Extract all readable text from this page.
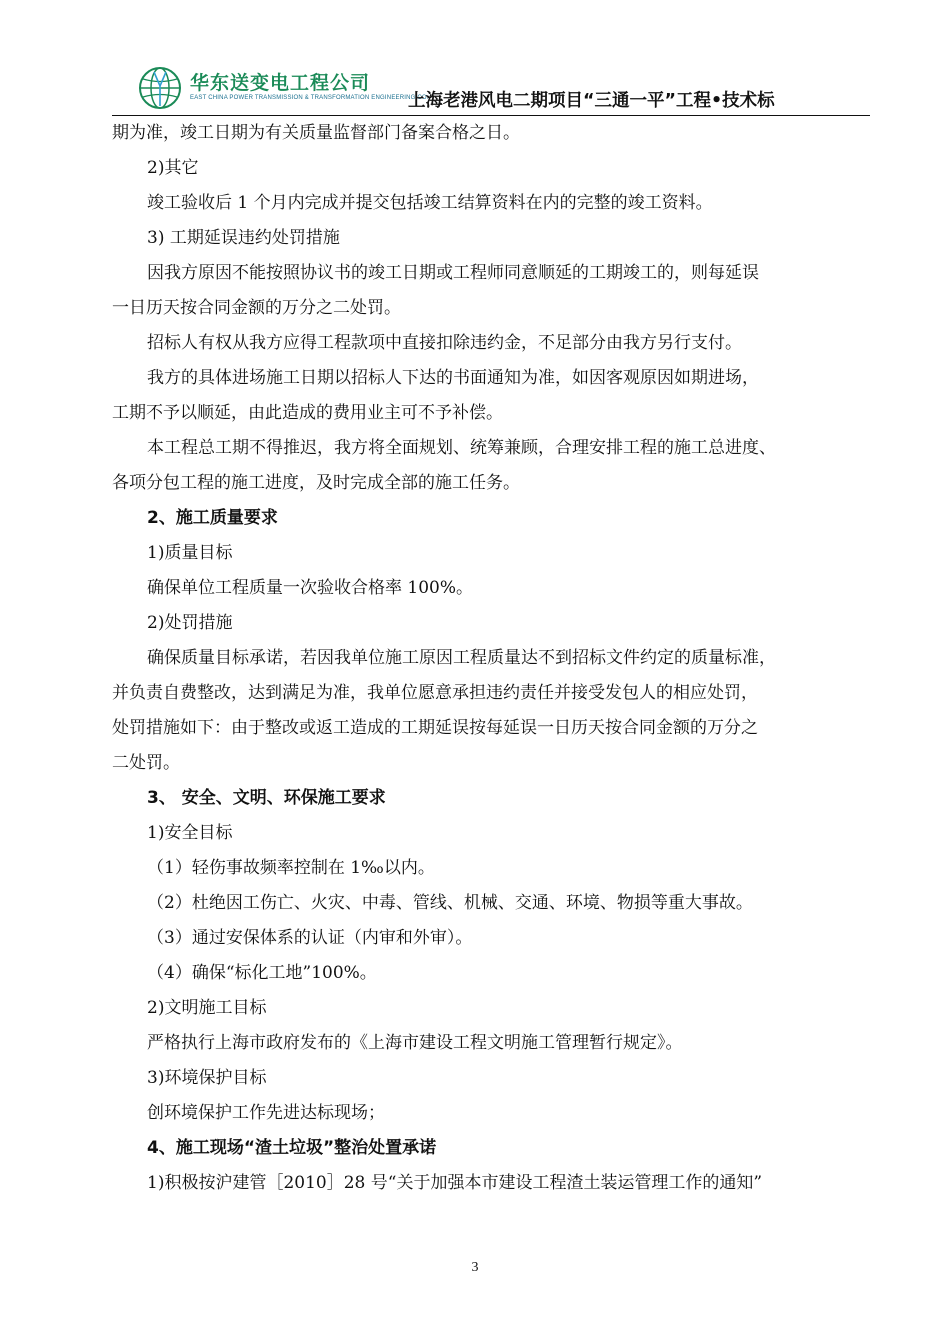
华东送变电工程公司
EAST CHINA POWER TRANSMISSION & TRANSFORMATION ENGINEERING CO.
上海老港风电二期项目“三通一平”工程•技术标

期为准，竣工日期为有关质量监督部门备案合格之日。

2)其它

竣工验收后 1 个月内完成并提交包括竣工结算资料在内的完整的竣工资料。

3) 工期延误违约处罚措施

因我方原因不能按照协议书的竣工日期或工程师同意顺延的工期竣工的，则每延误

一日历天按合同金额的万分之二处罚。

招标人有权从我方应得工程款项中直接扣除违约金，不足部分由我方另行支付。

我方的具体进场施工日期以招标人下达的书面通知为准，如因客观原因如期进场，

工期不予以顺延，由此造成的费用业主可不予补偿。

本工程总工期不得推迟，我方将全面规划、统筹兼顾，合理安排工程的施工总进度、

各项分包工程的施工进度，及时完成全部的施工任务。

2、施工质量要求

1)质量目标

确保单位工程质量一次验收合格率 100%。

2)处罚措施

确保质量目标承诺，若因我单位施工原因工程质量达不到招标文件约定的质量标准，

并负责自费整改，达到满足为准，我单位愿意承担违约责任并接受发包人的相应处罚，

处罚措施如下：由于整改或返工造成的工期延误按每延误一日历天按合同金额的万分之

二处罚。

3、 安全、文明、环保施工要求

1)安全目标

（1）轻伤事故频率控制在 1‰以内。

（2）杜绝因工伤亡、火灾、中毒、管线、机械、交通、环境、物损等重大事故。

（3）通过安保体系的认证（内审和外审）。

（4）确保“标化工地”100%。

2)文明施工目标

严格执行上海市政府发布的《上海市建设工程文明施工管理暂行规定》。

3)环境保护目标

创环境保护工作先进达标现场；

4、施工现场“渣土垃圾”整治处置承诺

1)积极按沪建管［2010］28 号“关于加强本市建设工程渣土装运管理工作的通知”

3
